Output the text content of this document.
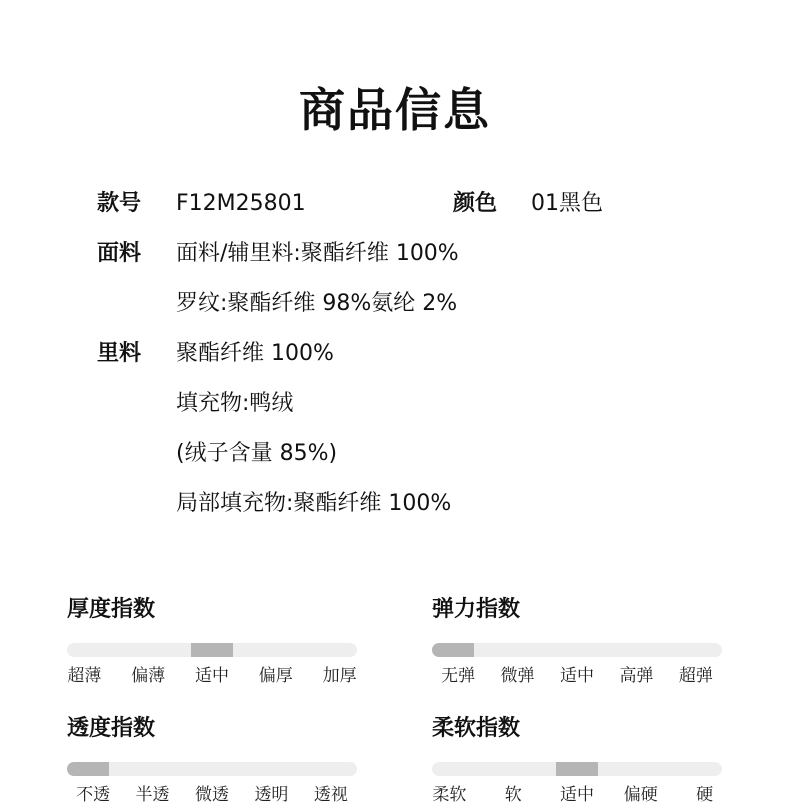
商品信息
款号 F12M25801	颜色 01黑色
面料 面料/辅里料:聚酯纤维 100%
罗纹:聚酯纤维 98%氨纶 2%
里料 聚酯纤维 100%
填充物:鸭绒
(绒子含量 85%)
局部填充物:聚酯纤维 100%
厚度指数
超薄	偏薄	适中	偏厚	加厚
弹力指数
无弹	微弹	适中	高弹	超弹
透度指数
不透	半透	微透	透明	透视
柔软指数
柔软	软	适中	偏硬	硬
